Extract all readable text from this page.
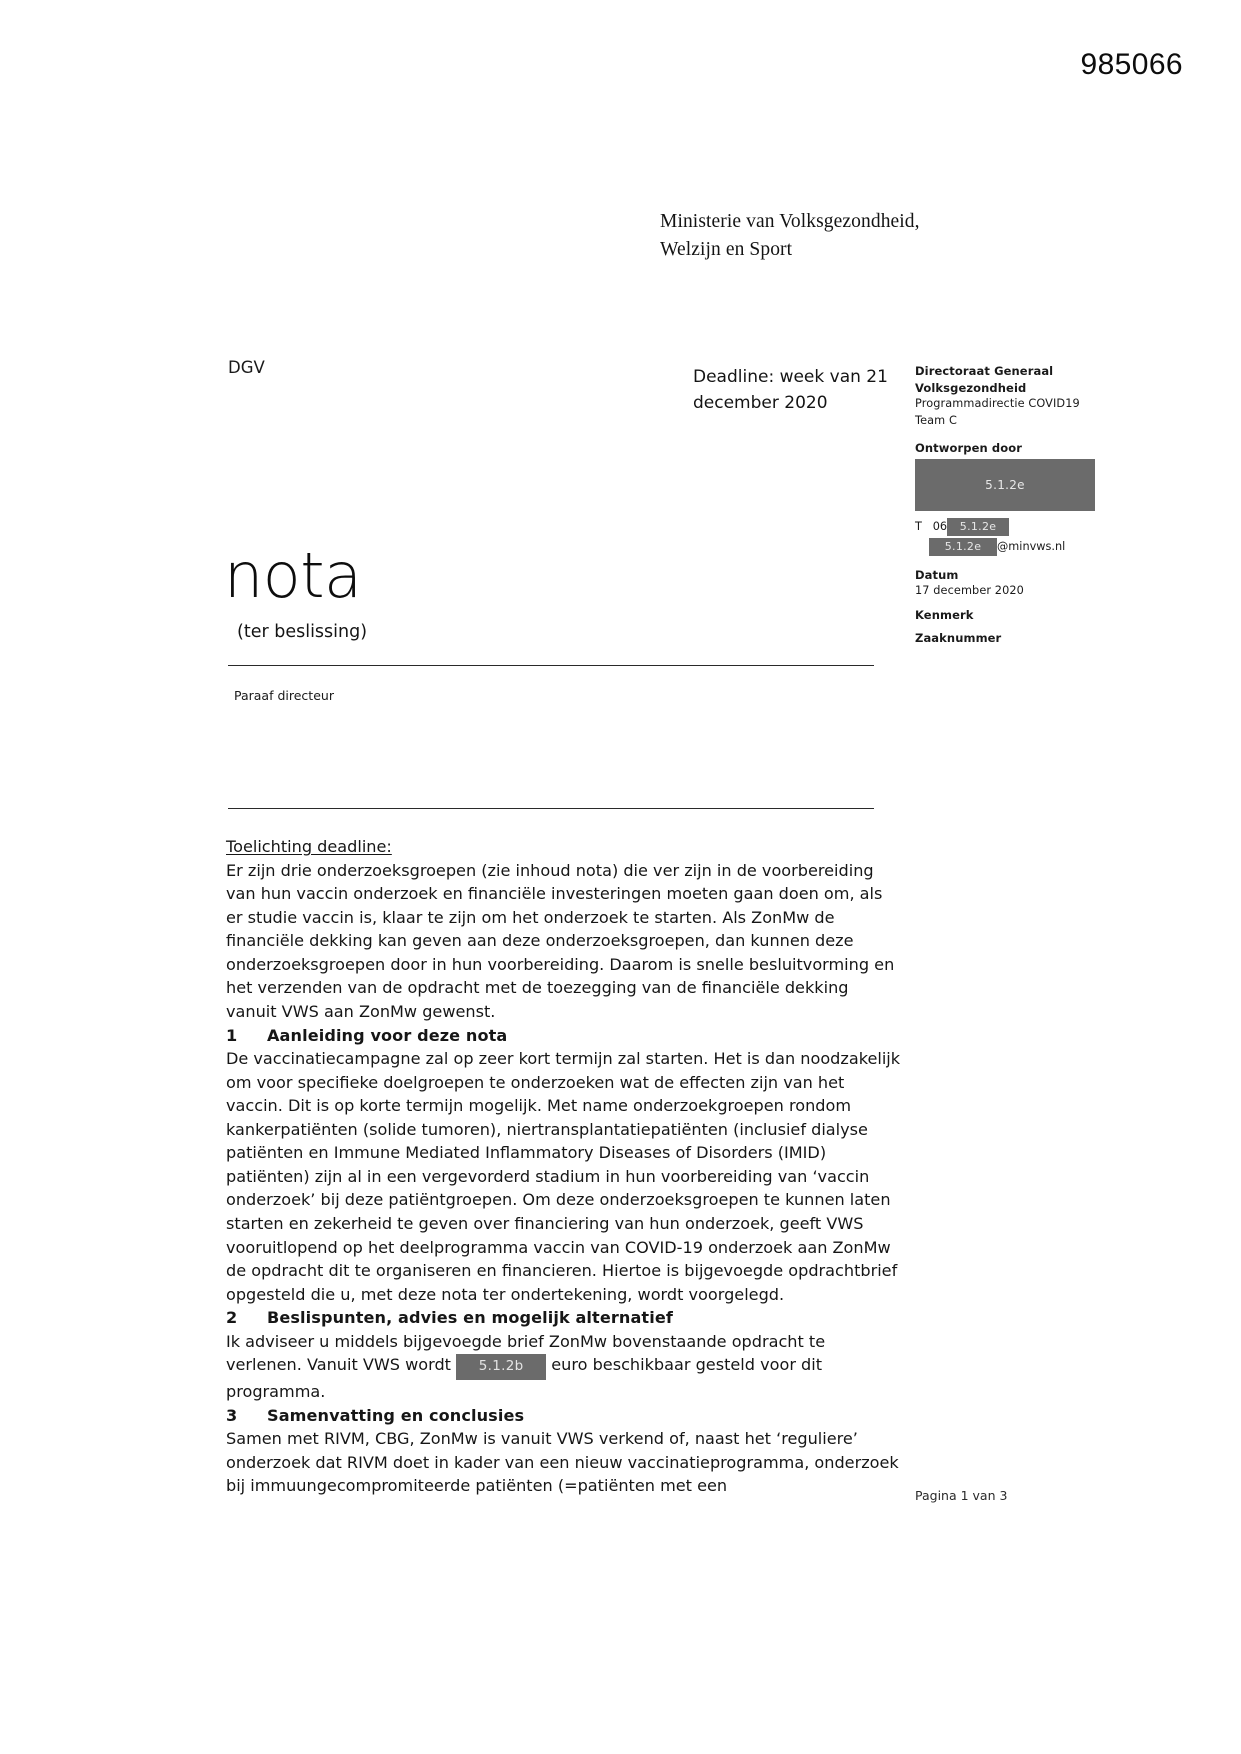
985066
Ministerie van Volksgezondheid,
Welzijn en Sport
DGV	Deadline: week van 21 december 2020
Directoraat Generaal
Volksgezondheid
Programmadirectie COVID19
Team C
Ontworpen door
5.1.2e
T 06 5.1.2e
5.1.2e @minvws.nl
Datum
17 december 2020
Kenmerk
Zaaknummer
nota
(ter beslissing)
Paraaf directeur

Toelichting deadline:

Er zijn drie onderzoeksgroepen (zie inhoud nota) die ver zijn in de voorbereiding van hun vaccin onderzoek en financiële investeringen moeten gaan doen om, als er studie vaccin is, klaar te zijn om het onderzoek te starten. Als ZonMw de financiële dekking kan geven aan deze onderzoeksgroepen, dan kunnen deze onderzoeksgroepen door in hun voorbereiding. Daarom is snelle besluitvorming en het verzenden van de opdracht met de toezegging van de financiële dekking vanuit VWS aan ZonMw gewenst.

1 Aanleiding voor deze nota

De vaccinatiecampagne zal op zeer kort termijn zal starten. Het is dan noodzakelijk om voor specifieke doelgroepen te onderzoeken wat de effecten zijn van het vaccin. Dit is op korte termijn mogelijk. Met name onderzoekgroepen rondom kankerpatiënten (solide tumoren), niertransplantatiepatiënten (inclusief dialyse patiënten en Immune Mediated Inflammatory Diseases of Disorders (IMID) patiënten) zijn al in een vergevorderd stadium in hun voorbereiding van ‘vaccin onderzoek’ bij deze patiëntgroepen. Om deze onderzoeksgroepen te kunnen laten starten en zekerheid te geven over financiering van hun onderzoek, geeft VWS vooruitlopend op het deelprogramma vaccin van COVID-19 onderzoek aan ZonMw de opdracht dit te organiseren en financieren. Hiertoe is bijgevoegde opdrachtbrief opgesteld die u, met deze nota ter ondertekening, wordt voorgelegd.

2 Beslispunten, advies en mogelijk alternatief

Ik adviseer u middels bijgevoegde brief ZonMw bovenstaande opdracht te verlenen. Vanuit VWS wordt 5.1.2b euro beschikbaar gesteld voor dit programma.

3 Samenvatting en conclusies

Samen met RIVM, CBG, ZonMw is vanuit VWS verkend of, naast het ‘reguliere’ onderzoek dat RIVM doet in kader van een nieuw vaccinatieprogramma, onderzoek bij immuungecompromiteerde patiënten (=patiënten met een

Pagina 1 van 3
